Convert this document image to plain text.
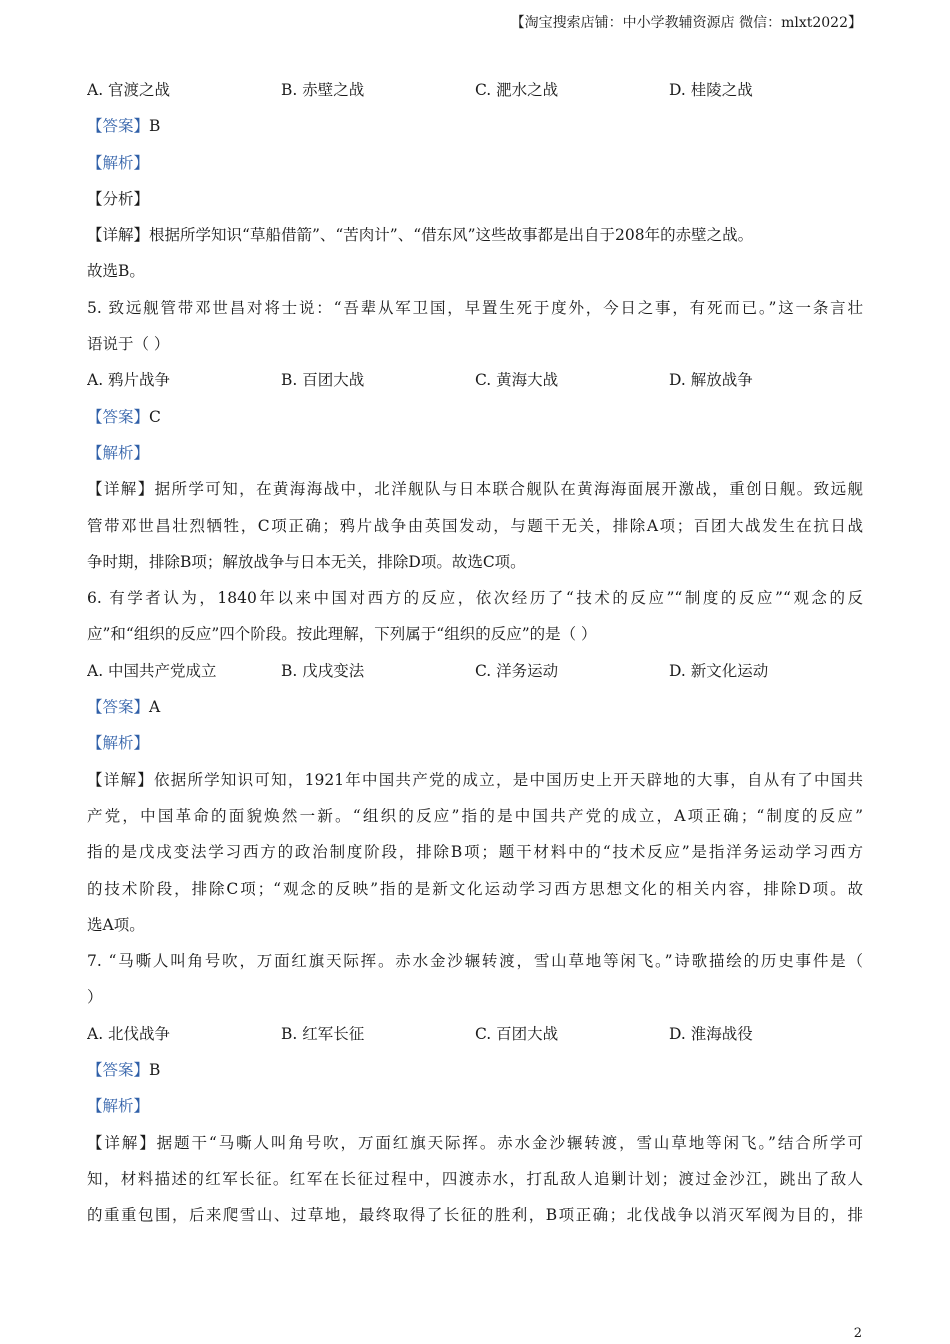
【淘宝搜索店铺：中小学教辅资源店 微信：mlxt2022】
A. 官渡之战	B. 赤壁之战	C. 淝水之战	D. 桂陵之战
【答案】B
【解析】
【分析】
【详解】根据所学知识“草船借箭”、“苦肉计”、“借东风”这些故事都是出自于208年的赤壁之战。
故选B。
5. 致远舰管带邓世昌对将士说：“吾辈从军卫国，早置生死于度外，今日之事，有死而已。”这一条言壮
语说于（ ）
A. 鸦片战争	B. 百团大战	C. 黄海大战	D. 解放战争
【答案】C
【解析】
【详解】据所学可知，在黄海海战中，北洋舰队与日本联合舰队在黄海海面展开激战，重创日舰。致远舰
管带邓世昌壮烈牺牲，C项正确；鸦片战争由英国发动，与题干无关，排除A项；百团大战发生在抗日战
争时期，排除B项；解放战争与日本无关，排除D项。故选C项。
6. 有学者认为，1840年以来中国对西方的反应，依次经历了“技术的反应”“制度的反应”“观念的反
应”和“组织的反应”四个阶段。按此理解，下列属于“组织的反应”的是（ ）
A. 中国共产党成立	B. 戊戌变法	C. 洋务运动	D. 新文化运动
【答案】A
【解析】
【详解】依据所学知识可知，1921年中国共产党的成立，是中国历史上开天辟地的大事，自从有了中国共
产党，中国革命的面貌焕然一新。“组织的反应”指的是中国共产党的成立，A项正确；“制度的反应”
指的是戊戌变法学习西方的政治制度阶段，排除B项；题干材料中的“技术反应”是指洋务运动学习西方
的技术阶段，排除C项；“观念的反映”指的是新文化运动学习西方思想文化的相关内容，排除D项。故
选A项。
7. “马嘶人叫角号吹，万面红旗天际挥。赤水金沙辗转渡，雪山草地等闲飞。”诗歌描绘的历史事件是（
）
A. 北伐战争	B. 红军长征	C. 百团大战	D. 淮海战役
【答案】B
【解析】
【详解】据题干“马嘶人叫角号吹，万面红旗天际挥。赤水金沙辗转渡，雪山草地等闲飞。”结合所学可
知，材料描述的红军长征。红军在长征过程中，四渡赤水，打乱敌人追剿计划；渡过金沙江，跳出了敌人
的重重包围，后来爬雪山、过草地，最终取得了长征的胜利，B项正确；北伐战争以消灭军阀为目的，排
2
